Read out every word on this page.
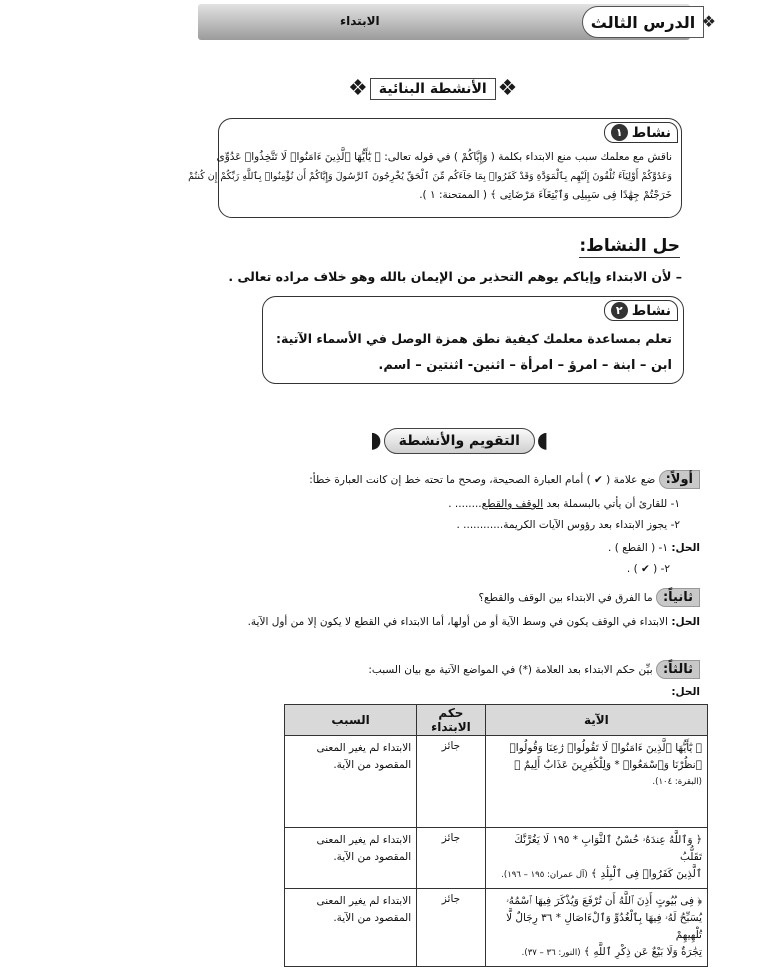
الدرس الثالث ❖
الابتداء
❖
الأنشطة البنائية
❖
نشاط
١
ناقش مع معلمك سبب منع الابتداء بكلمة ( وَإِيَّاكُمْ ) في قوله تعالى: ﴿ يَٰٓأَيُّهَا ٱلَّذِينَ ءَامَنُوا۟ لَا تَتَّخِذُوا۟ عَدُوِّى
وَعَدُوَّكُمْ أَوْلِيَآءَ تُلْقُونَ إِلَيْهِم بِٱلْمَوَدَّةِ وَقَدْ كَفَرُوا۟ بِمَا جَآءَكُم مِّنَ ٱلْحَقِّ يُخْرِجُونَ ٱلرَّسُولَ وَإِيَّاكُمْ أَن تُؤْمِنُوا۟ بِٱللَّهِ رَبِّكُمْ إِن كُنتُمْ
خَرَجْتُمْ جِهَٰدًا فِى سَبِيلِى وَٱبْتِغَآءَ مَرْضَاتِى ﴾ ( الممتحنة: ١ ).
حل النشاط:
– لأن الابتداء وإياكم يوهم التحذير من الإيمان بالله وهو خلاف مراده تعالى .
نشاط
٢
تعلم بمساعدة معلمك كيفية نطق همزة الوصل في الأسماء الآتية:
ابن – ابنة – امرؤ – امرأة – اثنين- اثنتين – اسم.
◖
التقويم والأنشطة
◗
أولاً: ضع علامة ( ✔ ) أمام العبارة الصحيحة، وصحح ما تحته خط إن كانت العبارة خطأ:
١- للقارئ أن يأتي بالبسملة بعد الوقف والقطع........ .
٢- يجوز الابتداء بعد رؤوس الآيات الكريمة............ .
الحل: ١- ( القطع ) .
٢- ( ✔ ) .
ثانياً: ما الفرق في الابتداء بين الوقف والقطع؟
الحل: الابتداء في الوقف يكون في وسط الآية أو من أولها، أما الابتداء في القطع لا يكون إلا من أول الآية.
ثالثاً: بيِّن حكم الابتداء بعد العلامة (*) في المواضع الآتية مع بيان السبب:
الحل:
الآية	حكم الابتداء	السبب

﴿ يَٰٓأَيُّهَا ٱلَّذِينَ ءَامَنُوا۟ لَا تَقُولُوا۟ رَٰعِنَا وَقُولُوا۟
ٱنظُرْنَا وَٱسْمَعُوا۟ * وَلِلْكَٰفِرِينَ عَذَابٌ أَلِيمٌ ﴾
(البقرة: ١٠٤).	جائز	الابتداء لم يغير المعنى المقصود من الآية.

﴿ وَٱللَّهُ عِندَهُۥ حُسْنُ ٱلثَّوَابِ * ١٩٥ لَا يَغُرَّنَّكَ تَقَلُّبُ
ٱلَّذِينَ كَفَرُوا۟ فِى ٱلْبِلَٰدِ ﴾ (آل عمران: ١٩٥ – ١٩٦).	جائز	الابتداء لم يغير المعنى المقصود من الآية.

﴿ فِى بُيُوتٍ أَذِنَ ٱللَّهُ أَن تُرْفَعَ وَيُذْكَرَ فِيهَا ٱسْمُهُۥ
يُسَبِّحُ لَهُۥ فِيهَا بِٱلْغُدُوِّ وَٱلْءَاصَالِ * ٣٦ رِجَالٌ لَّا تُلْهِيهِمْ
تِجَٰرَةٌ وَلَا بَيْعٌ عَن ذِكْرِ ٱللَّهِ ﴾ (النور: ٣٦ – ٣٧).	جائز	الابتداء لم يغير المعنى المقصود من الآية.
